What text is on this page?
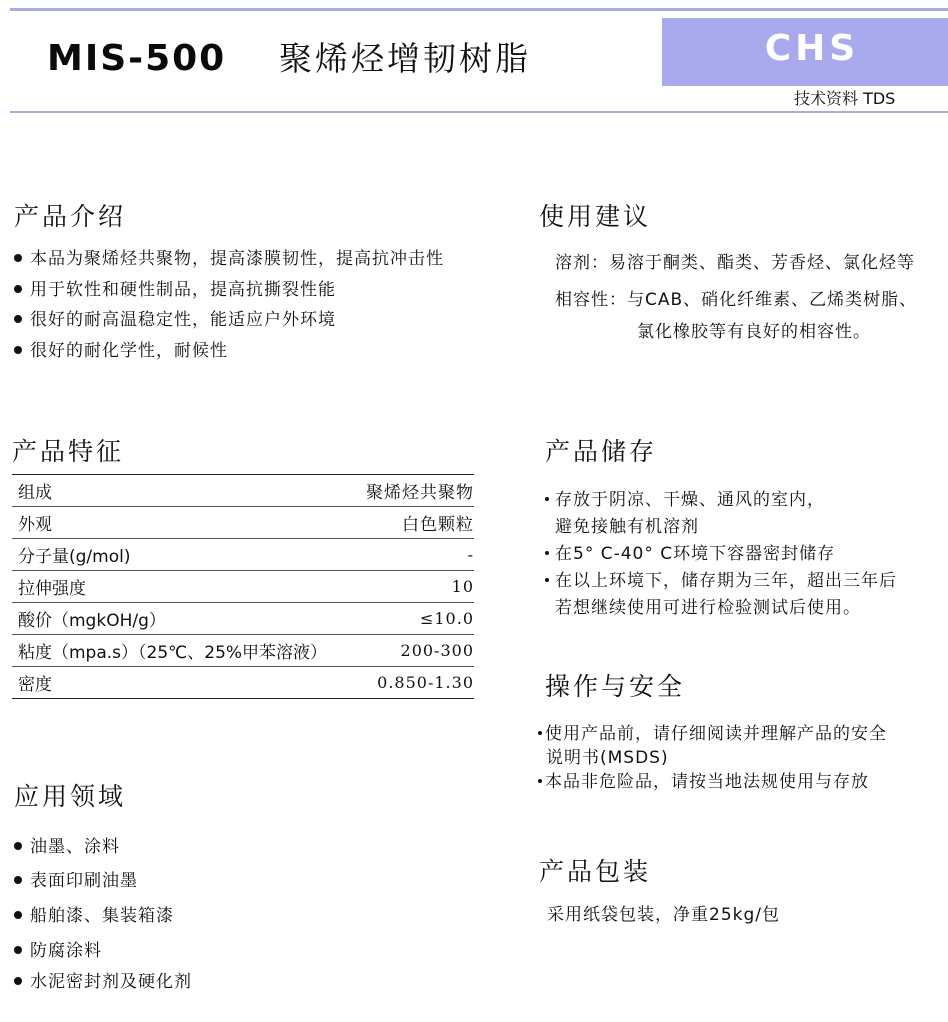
MIS-500 聚烯烃增韧树脂	CHS
技术资料 TDS
产品介绍
本品为聚烯烃共聚物，提高漆膜韧性，提高抗冲击性
用于软性和硬性制品，提高抗撕裂性能
很好的耐高温稳定性，能适应户外环境
很好的耐化学性，耐候性
使用建议
溶剂：易溶于酮类、酯类、芳香烃、氯化烃等
相容性：与CAB、硝化纤维素、乙烯类树脂、
氯化橡胶等有良好的相容性。
产品特征
组成	聚烯烃共聚物
外观	白色颗粒
分子量(g/mol)	-
拉伸强度	10
酸价（mgkOH/g）	≤10.0
粘度（mpa.s）（25℃、25%甲苯溶液）	200-300
密度	0.850-1.30
产品储存
存放于阴凉、干燥、通风的室内，
避免接触有机溶剂
在5° C-40° C环境下容器密封储存
在以上环境下，储存期为三年，超出三年后
若想继续使用可进行检验测试后使用。
操作与安全
使用产品前，请仔细阅读并理解产品的安全
说明书(MSDS)
本品非危险品，请按当地法规使用与存放
应用领域
油墨、涂料
表面印刷油墨
船舶漆、集装箱漆
防腐涂料
水泥密封剂及硬化剂
产品包装
采用纸袋包装，净重25kg/包
